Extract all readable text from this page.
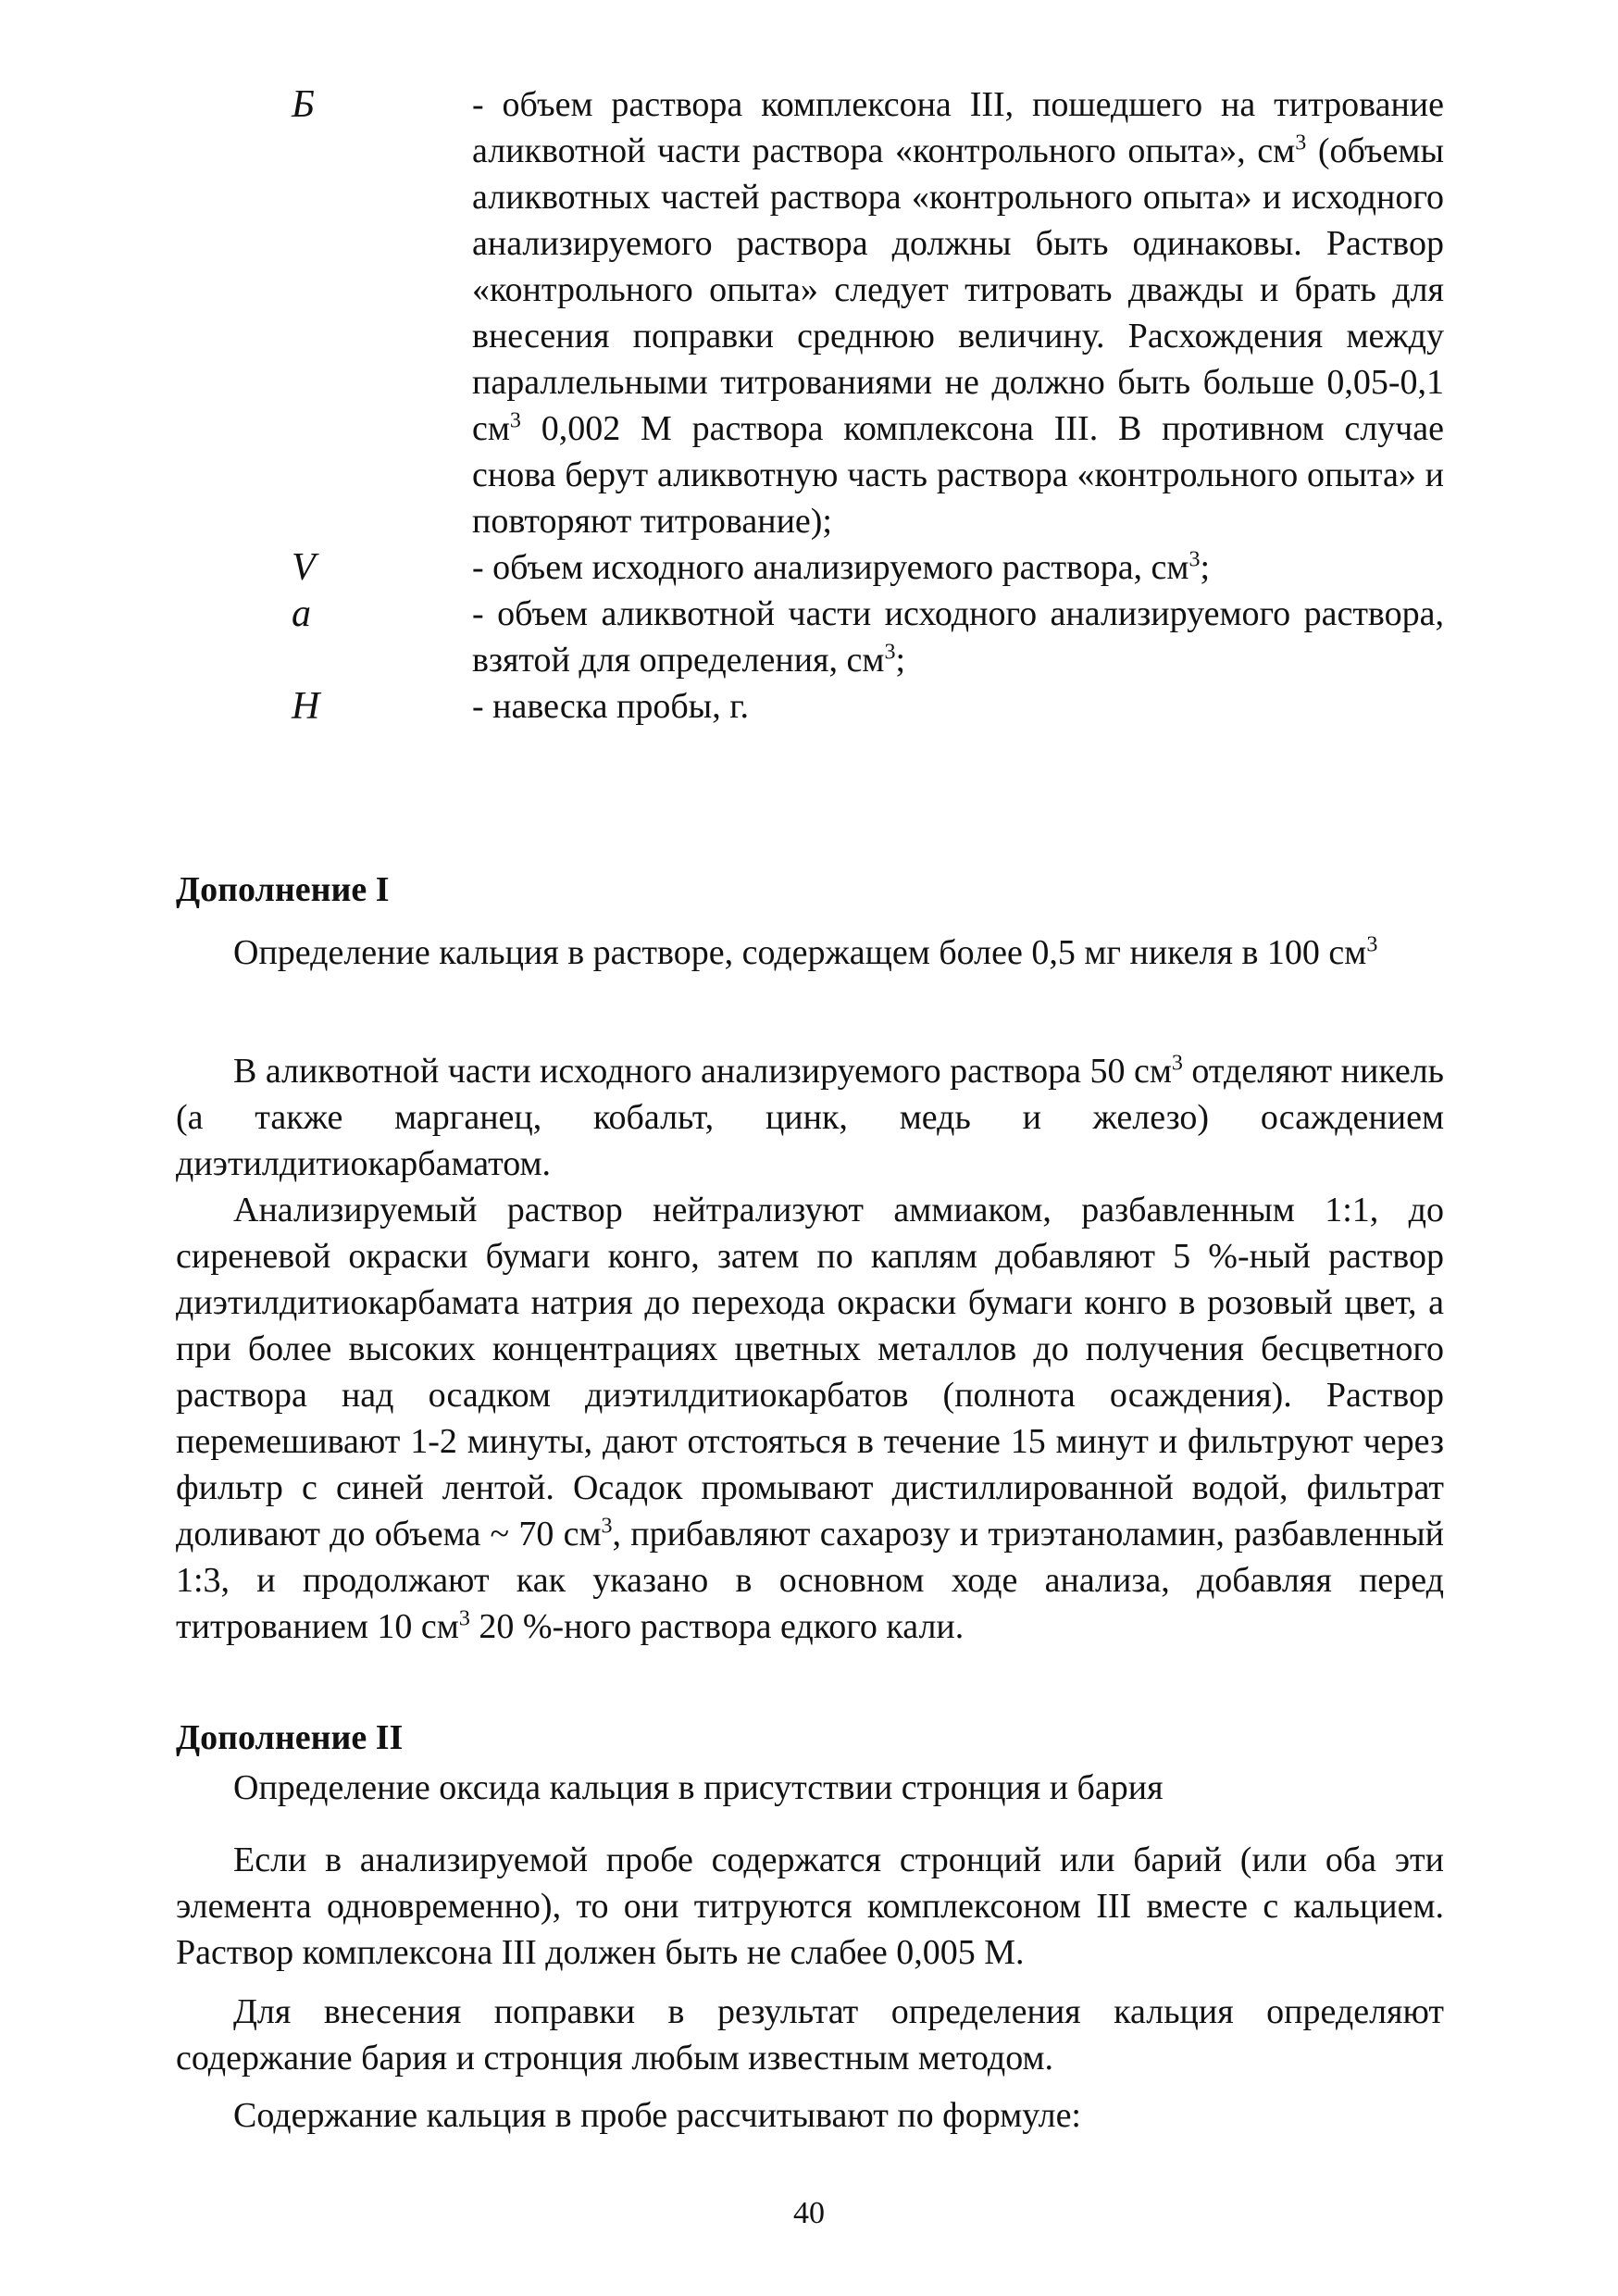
Б	- объем раствора комплексона III, пошедшего на титрование аликвотной части раствора «контрольного опыта», $см^3$ (объемы аликвотных частей раствора «контрольного опыта» и исходного анализируемого раствора должны быть одинаковы. Раствор «контрольного опыта» следует титровать дважды и брать для внесения поправки среднюю величину. Расхождения между параллельными титрованиями не должно быть больше 0,05-0,1 $см^3$ 0,002 М раствора комплексона III. В противном случае снова берут аликвотную часть раствора «контрольного опыта» и повторяют титрование);
V	- объем исходного анализируемого раствора, $см^3$;
a	- объем аликвотной части исходного анализируемого раствора, взятой для определения, $см^3$;
Н	- навеска пробы, г.
Дополнение I
Определение кальция в растворе, содержащем более 0,5 мг никеля в 100 $см^3$
В аликвотной части исходного анализируемого раствора 50 $см^3$ отделяют никель (а также марганец, кобальт, цинк, медь и железо) осаждением диэтилдитиокарбаматом.
Анализируемый раствор нейтрализуют аммиаком, разбавленным 1:1, до сиреневой окраски бумаги конго, затем по каплям добавляют 5 %-ный раствор диэтилдитиокарбамата натрия до перехода окраски бумаги конго в розовый цвет, а при более высоких концентрациях цветных металлов до получения бесцветного раствора над осадком диэтилдитиокарбатов (полнота осаждения). Раствор перемешивают 1-2 минуты, дают отстояться в течение 15 минут и фильтруют через фильтр с синей лентой. Осадок промывают дистиллированной водой, фильтрат доливают до объема ~ 70 $см^3$, прибавляют сахарозу и триэтаноламин, разбавленный 1:3, и продолжают как указано в основном ходе анализа, добавляя перед титрованием 10 $см^3$ 20 %-ного раствора едкого кали.
Дополнение II
Определение оксида кальция в присутствии стронция и бария
Если в анализируемой пробе содержатся стронций или барий (или оба эти элемента одновременно), то они титруются комплексоном III вместе с кальцием. Раствор комплексона III должен быть не слабее 0,005 М.
Для внесения поправки в результат определения кальция определяют содержание бария и стронция любым известным методом.
Содержание кальция в пробе рассчитывают по формуле:
40
